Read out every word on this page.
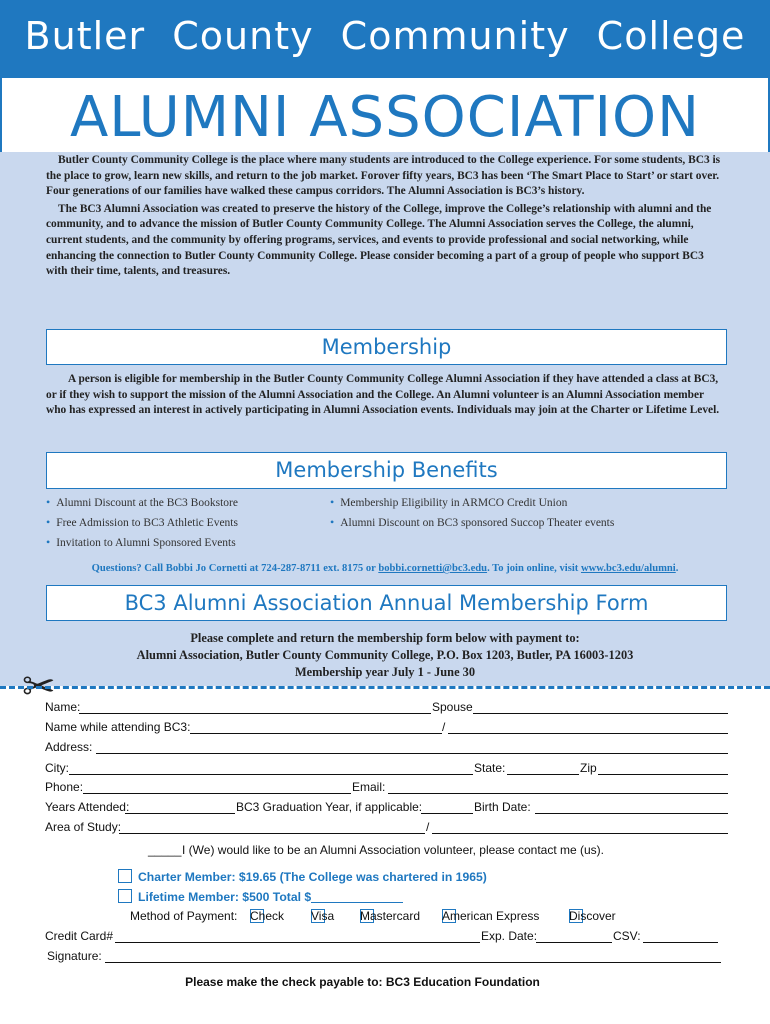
Butler County Community College
ALUMNI ASSOCIATION

Butler County Community College is the place where many students are introduced to the College experience. For some students, BC3 is the place to grow, learn new skills, and return to the job market. Forover fifty years, BC3 has been ‘The Smart Place to Start’ or start over. Four generations of our families have walked these campus corridors. The Alumni Association is BC3’s history.

The BC3 Alumni Association was created to preserve the history of the College, improve the College’s relationship with alumni and the community, and to advance the mission of Butler County Community College. The Alumni Association serves the College, the alumni, current students, and the community by offering programs, services, and events to provide professional and social networking, while enhancing the connection to Butler County Community College. Please consider becoming a part of a group of people who support BC3 with their time, talents, and treasures.

Membership

A person is eligible for membership in the Butler County Community College Alumni Association if they have attended a class at BC3, or if they wish to support the mission of the Alumni Association and the College. An Alumni volunteer is an Alumni Association member who has expressed an interest in actively participating in Alumni Association events. Individuals may join at the Charter or Lifetime Level.

Membership Benefits
• Alumni Discount at the BC3 Bookstore	• Membership Eligibility in ARMCO Credit Union
• Free Admission to BC3 Athletic Events	• Alumni Discount on BC3 sponsored Succop Theater events
• Invitation to Alumni Sponsored Events
Questions? Call Bobbi Jo Cornetti at 724-287-8711 ext. 8175 or bobbi.cornetti@bc3.edu. To join online, visit www.bc3.edu/alumni.
BC3 Alumni Association Annual Membership Form
Please complete and return the membership form below with payment to:
Alumni Association, Butler County Community College, P.O. Box 1203, Butler, PA 16003-1203
Membership year July 1 - June 30
✂
Name:	Spouse
Name while attending BC3:	/
Address:
City:	State:	Zip
Phone:	Email:
Years Attended:	BC3 Graduation Year, if applicable:	Birth Date:
Area of Study:	/
_____ I (We) would like to be an Alumni Association volunteer, please contact me (us).
Charter Member: $19.65 (The College was chartered in 1965)
Lifetime Member: $500 Total $
Method of Payment: Check Visa Mastercard American Express Discover
Credit Card#	Exp. Date:	CSV:
Signature:
Please make the check payable to: BC3 Education Foundation
